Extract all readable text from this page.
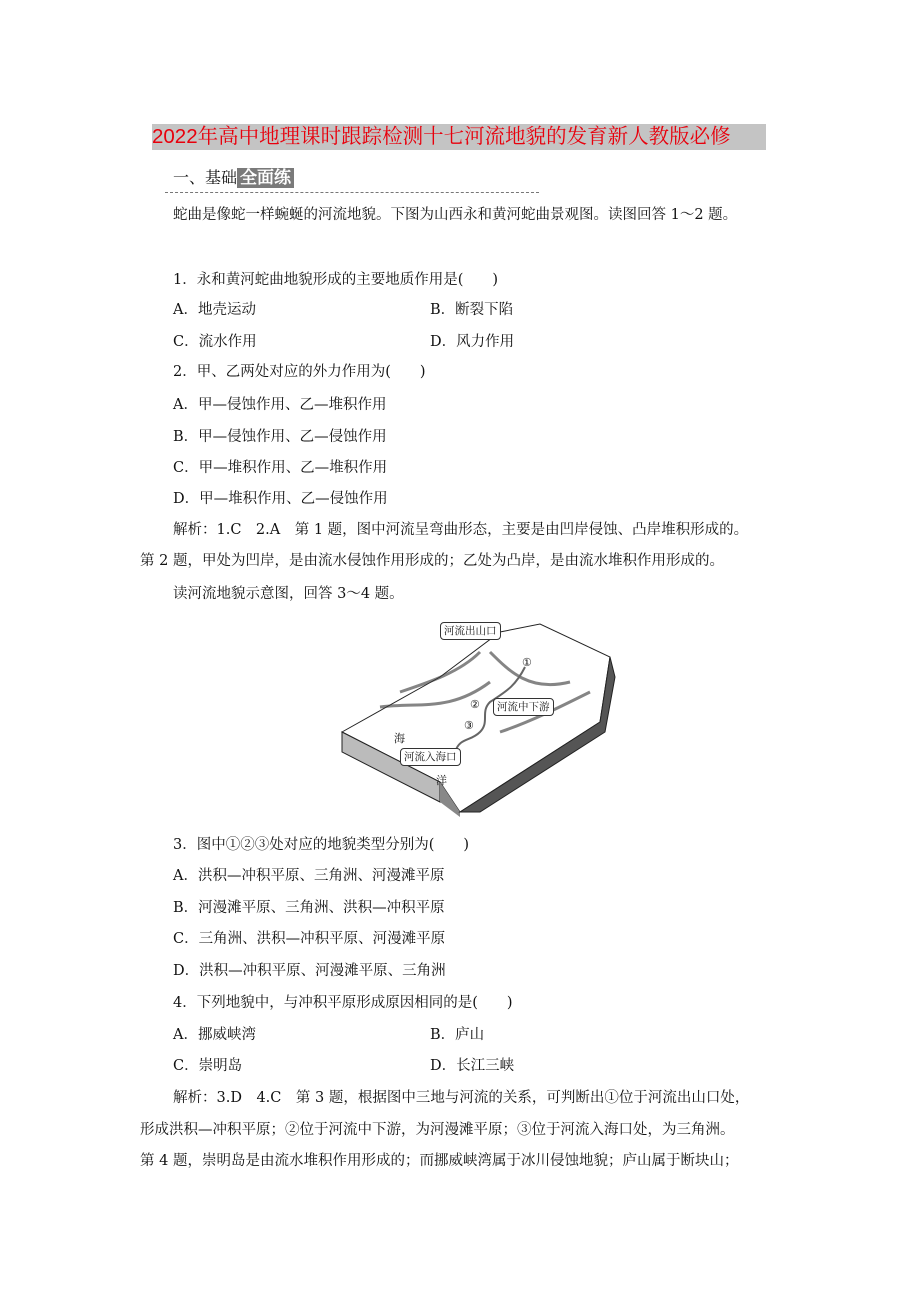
2022年高中地理课时跟踪检测十七河流地貌的发育新人教版必修
一、基础 全面练
蛇曲是像蛇一样蜿蜒的河流地貌。下图为山西永和黄河蛇曲景观图。读图回答 1～2 题。
1．永和黄河蛇曲地貌形成的主要地质作用是(　　)
A．地壳运动	B．断裂下陷
C．流水作用	D．风力作用
2．甲、乙两处对应的外力作用为(　　)
A．甲—侵蚀作用、乙—堆积作用
B．甲—侵蚀作用、乙—侵蚀作用
C．甲—堆积作用、乙—堆积作用
D．甲—堆积作用、乙—侵蚀作用
解析：1.C　2.A　第 1 题，图中河流呈弯曲形态，主要是由凹岸侵蚀、凸岸堆积形成的。
第 2 题，甲处为凹岸，是由流水侵蚀作用形成的；乙处为凸岸，是由流水堆积作用形成的。
读河流地貌示意图，回答 3～4 题。
河流出山口
河流中下游
河流入海口
①
②
③
海
洋
3．图中①②③处对应的地貌类型分别为(　　)
A．洪积—冲积平原、三角洲、河漫滩平原
B．河漫滩平原、三角洲、洪积—冲积平原
C．三角洲、洪积—冲积平原、河漫滩平原
D．洪积—冲积平原、河漫滩平原、三角洲
4．下列地貌中，与冲积平原形成原因相同的是(　　)
A．挪威峡湾	B．庐山
C．崇明岛	D．长江三峡
解析：3.D　4.C　第 3 题，根据图中三地与河流的关系，可判断出①位于河流出山口处，
形成洪积—冲积平原；②位于河流中下游，为河漫滩平原；③位于河流入海口处，为三角洲。
第 4 题，崇明岛是由流水堆积作用形成的；而挪威峡湾属于冰川侵蚀地貌；庐山属于断块山；
